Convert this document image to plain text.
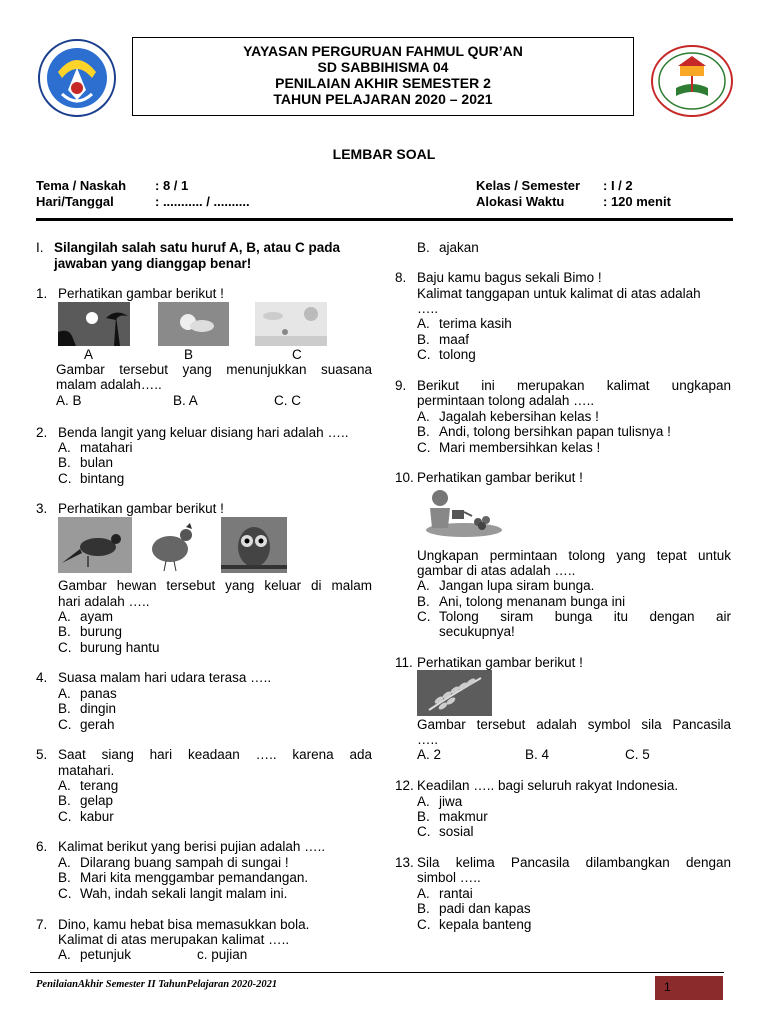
YAYASAN PERGURUAN FAHMUL QUR’AN
SD SABBIHISMA 04
PENILAIAN AKHIR SEMESTER 2
TAHUN PELAJARAN 2020 – 2021
LEMBAR SOAL
Tema / Naskah : 8 / 1
Hari/Tanggal	: ........... / ..........
Kelas / Semester : I / 2
Alokasi Waktu	: 120 menit
I. Silangilah salah satu huruf A, B, atau C pada
jawaban yang dianggap benar!
1. Perhatikan gambar berikut !
A	B	C
Gambar tersebut yang menunjukkan suasana
malam adalah…..
A. B	B. A	C. C
2. Benda langit yang keluar disiang hari adalah …..
A. matahari
B. bulan
C. bintang
3. Perhatikan gambar berikut !
Gambar hewan tersebut yang keluar di malam
hari adalah …..
A. ayam
B. burung
C. burung hantu
4. Suasa malam hari udara terasa …..
A. panas
B. dingin
C. gerah
5. Saat siang hari keadaan ….. karena ada
matahari.
A. terang
B. gelap
C. kabur
6. Kalimat berikut yang berisi pujian adalah …..
A. Dilarang buang sampah di sungai !
B. Mari kita menggambar pemandangan.
C. Wah, indah sekali langit malam ini.
7. Dino, kamu hebat bisa memasukkan bola.
Kalimat di atas merupakan kalimat …..
A. petunjuk	c. pujian
B. ajakan
8. Baju kamu bagus sekali Bimo !
Kalimat tanggapan untuk kalimat di atas adalah
…..
A. terima kasih
B. maaf
C. tolong
9. Berikut ini merupakan kalimat ungkapan
permintaan tolong adalah …..
A. Jagalah kebersihan kelas !
B. Andi, tolong bersihkan papan tulisnya !
C. Mari membersihkan kelas !
10. Perhatikan gambar berikut !
Ungkapan permintaan tolong yang tepat untuk
gambar di atas adalah …..
A. Jangan lupa siram bunga.
B. Ani, tolong menanam bunga ini
C. Tolong siram bunga itu dengan air
secukupnya!
11. Perhatikan gambar berikut !
Gambar tersebut adalah symbol sila Pancasila
…..
A. 2	B. 4	C. 5
12. Keadilan ….. bagi seluruh rakyat Indonesia.
A. jiwa
B. makmur
C. sosial
13. Sila kelima Pancasila dilambangkan dengan
simbol …..
A. rantai
B. padi dan kapas
C. kepala banteng
PenilaianAkhir Semester II TahunPelajaran 2020-2021	1
